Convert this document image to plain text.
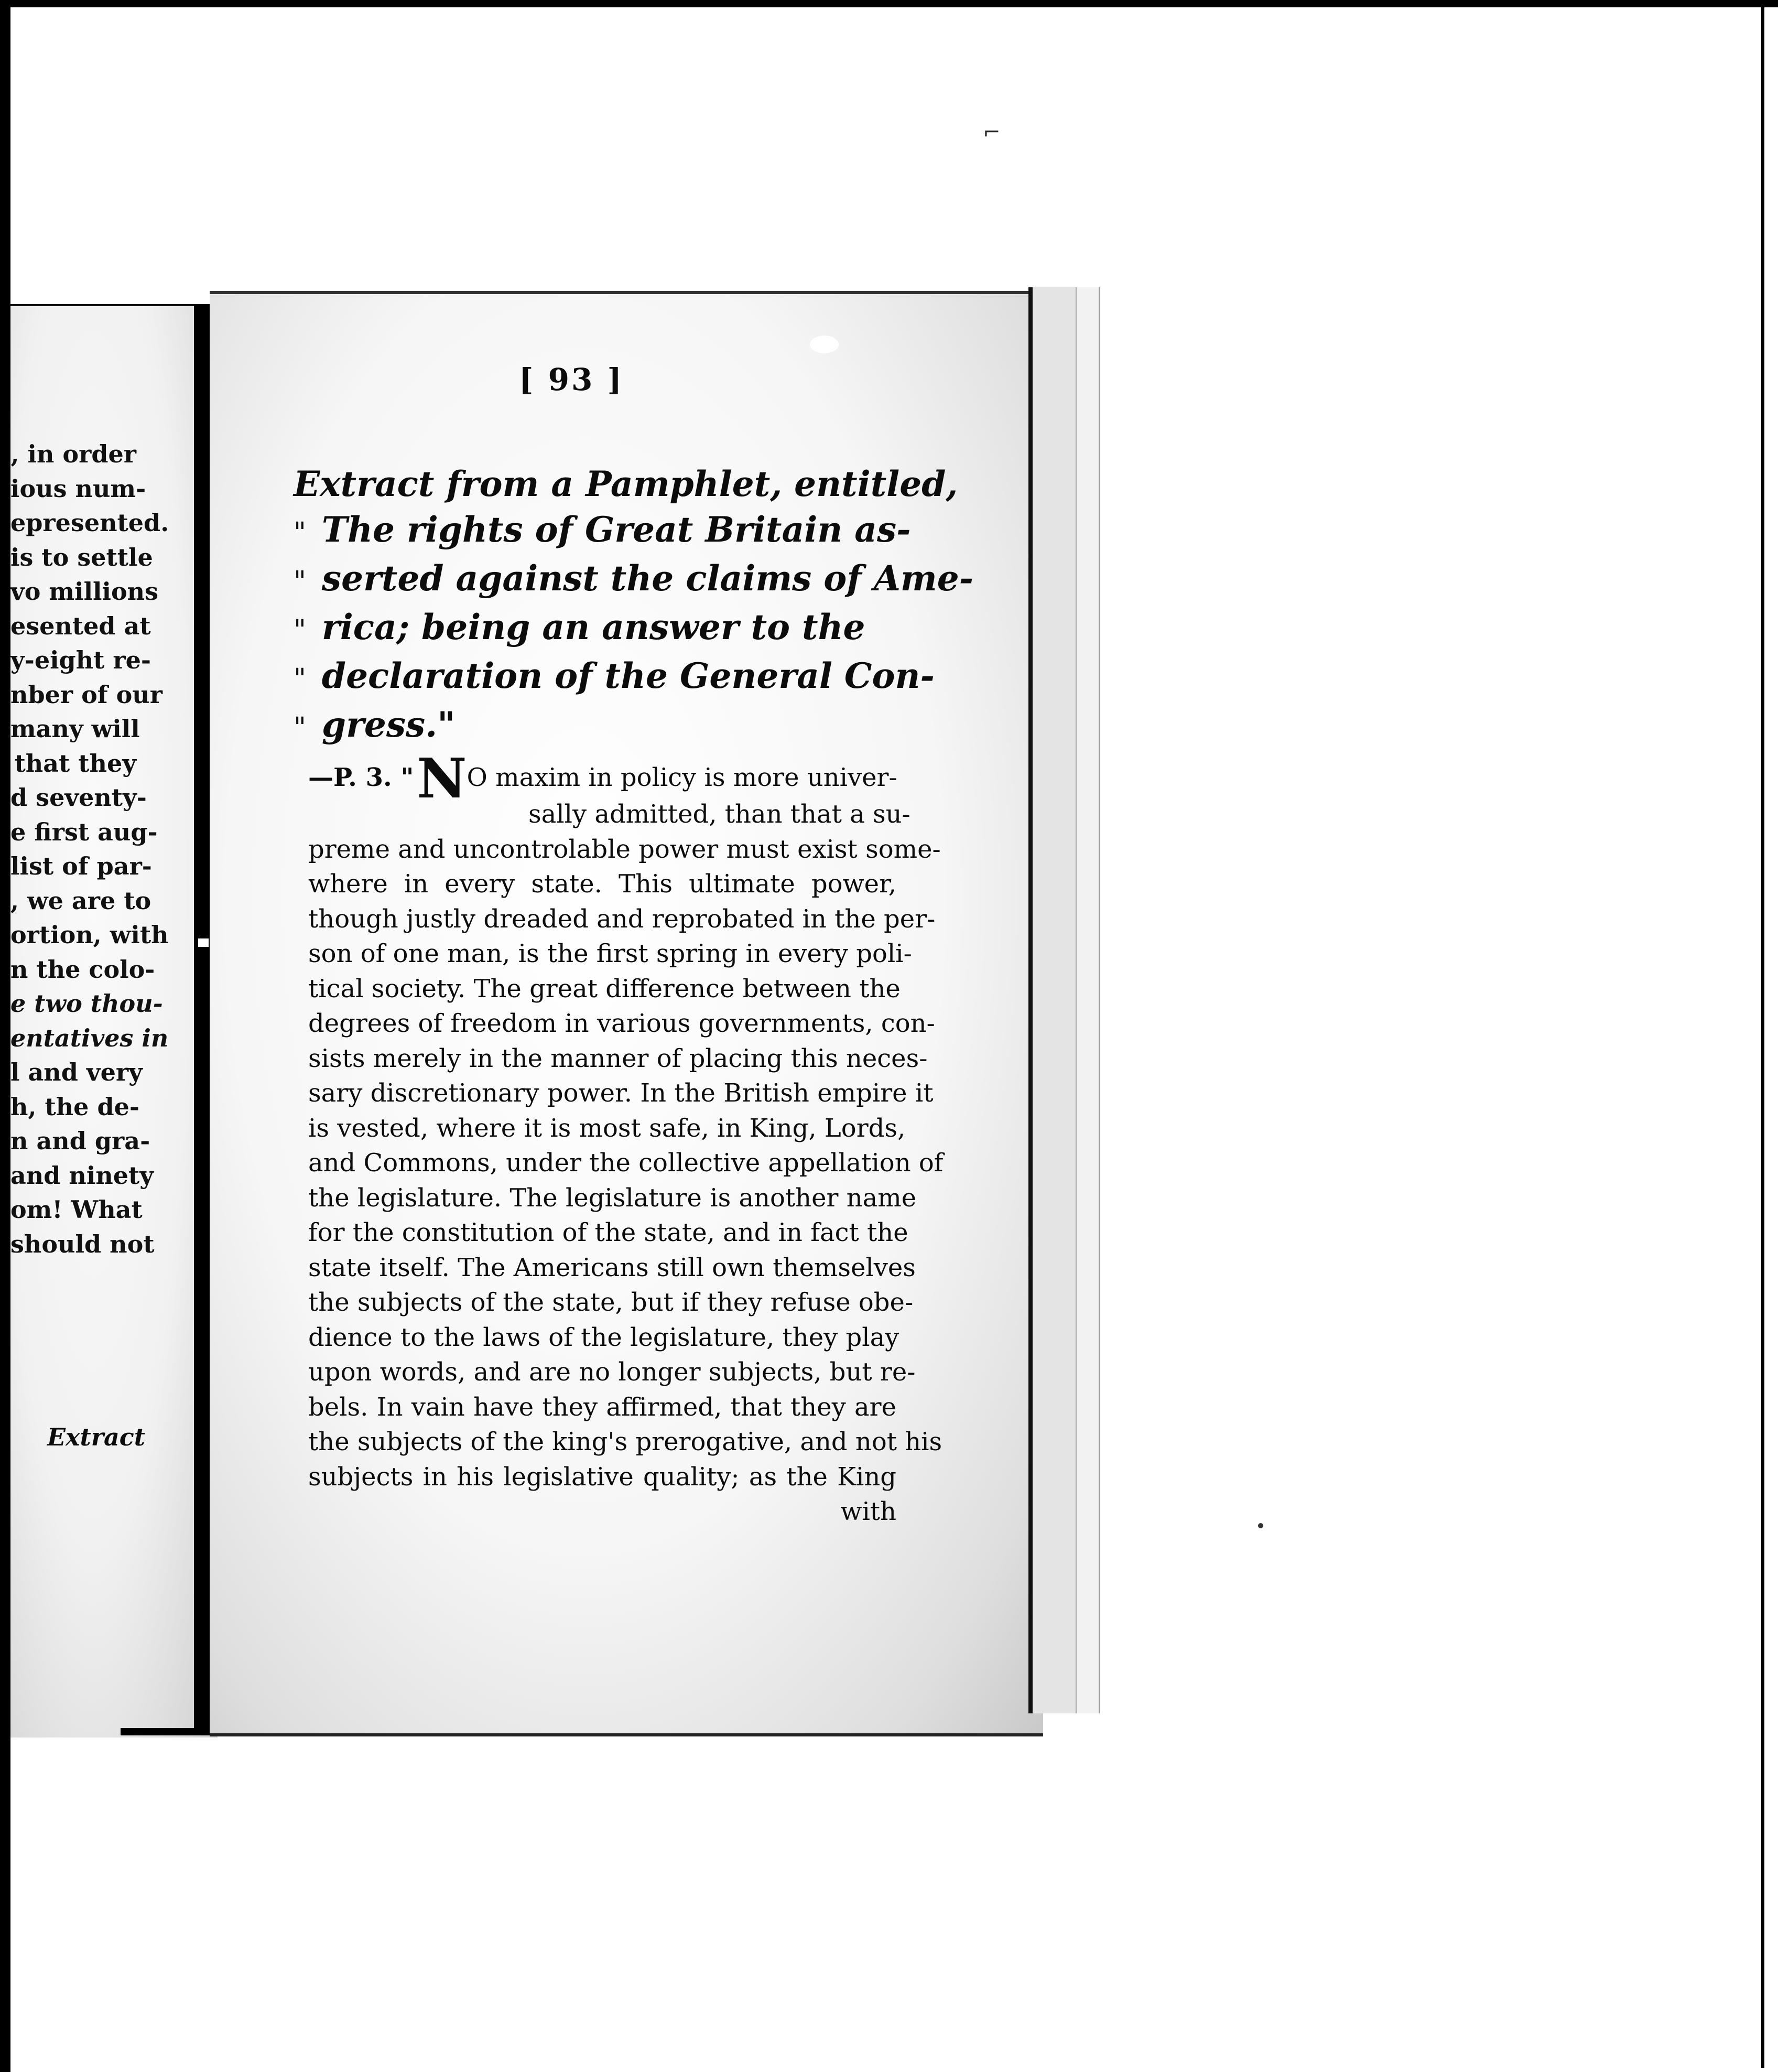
⌐
, in order
ious num-
epresented.
is to settle
vo millions
esented at
y-eight re-
nber of our
many will
that they
d seventy-
e first aug-
list of par-
, we are to
ortion, with
n the colo-
e two thou-
entatives in
l and very
h, the de-
n and gra-
and ninety
om! What
should not
Extract
[ 93 ]
Extract from a Pamphlet, entitled,
" The rights of Great Britain as-
" serted against the claims of Ame-
" rica; being an answer to the
" declaration of the General Con-
" gress."
—P. 3. "NO maxim in policy is more univer-
sally admitted, than that a su-
preme and uncontrolable power must exist some-
where in every state. This ultimate power,
though justly dreaded and reprobated in the per-
son of one man, is the first spring in every poli-
tical society. The great difference between the
degrees of freedom in various governments, con-
sists merely in the manner of placing this neces-
sary discretionary power. In the British empire it
is vested, where it is most safe, in King, Lords,
and Commons, under the collective appellation of
the legislature. The legislature is another name
for the constitution of the state, and in fact the
state itself. The Americans still own themselves
the subjects of the state, but if they refuse obe-
dience to the laws of the legislature, they play
upon words, and are no longer subjects, but re-
bels. In vain have they affirmed, that they are
the subjects of the king's prerogative, and not his
subjects in his legislative quality; as the King
with
